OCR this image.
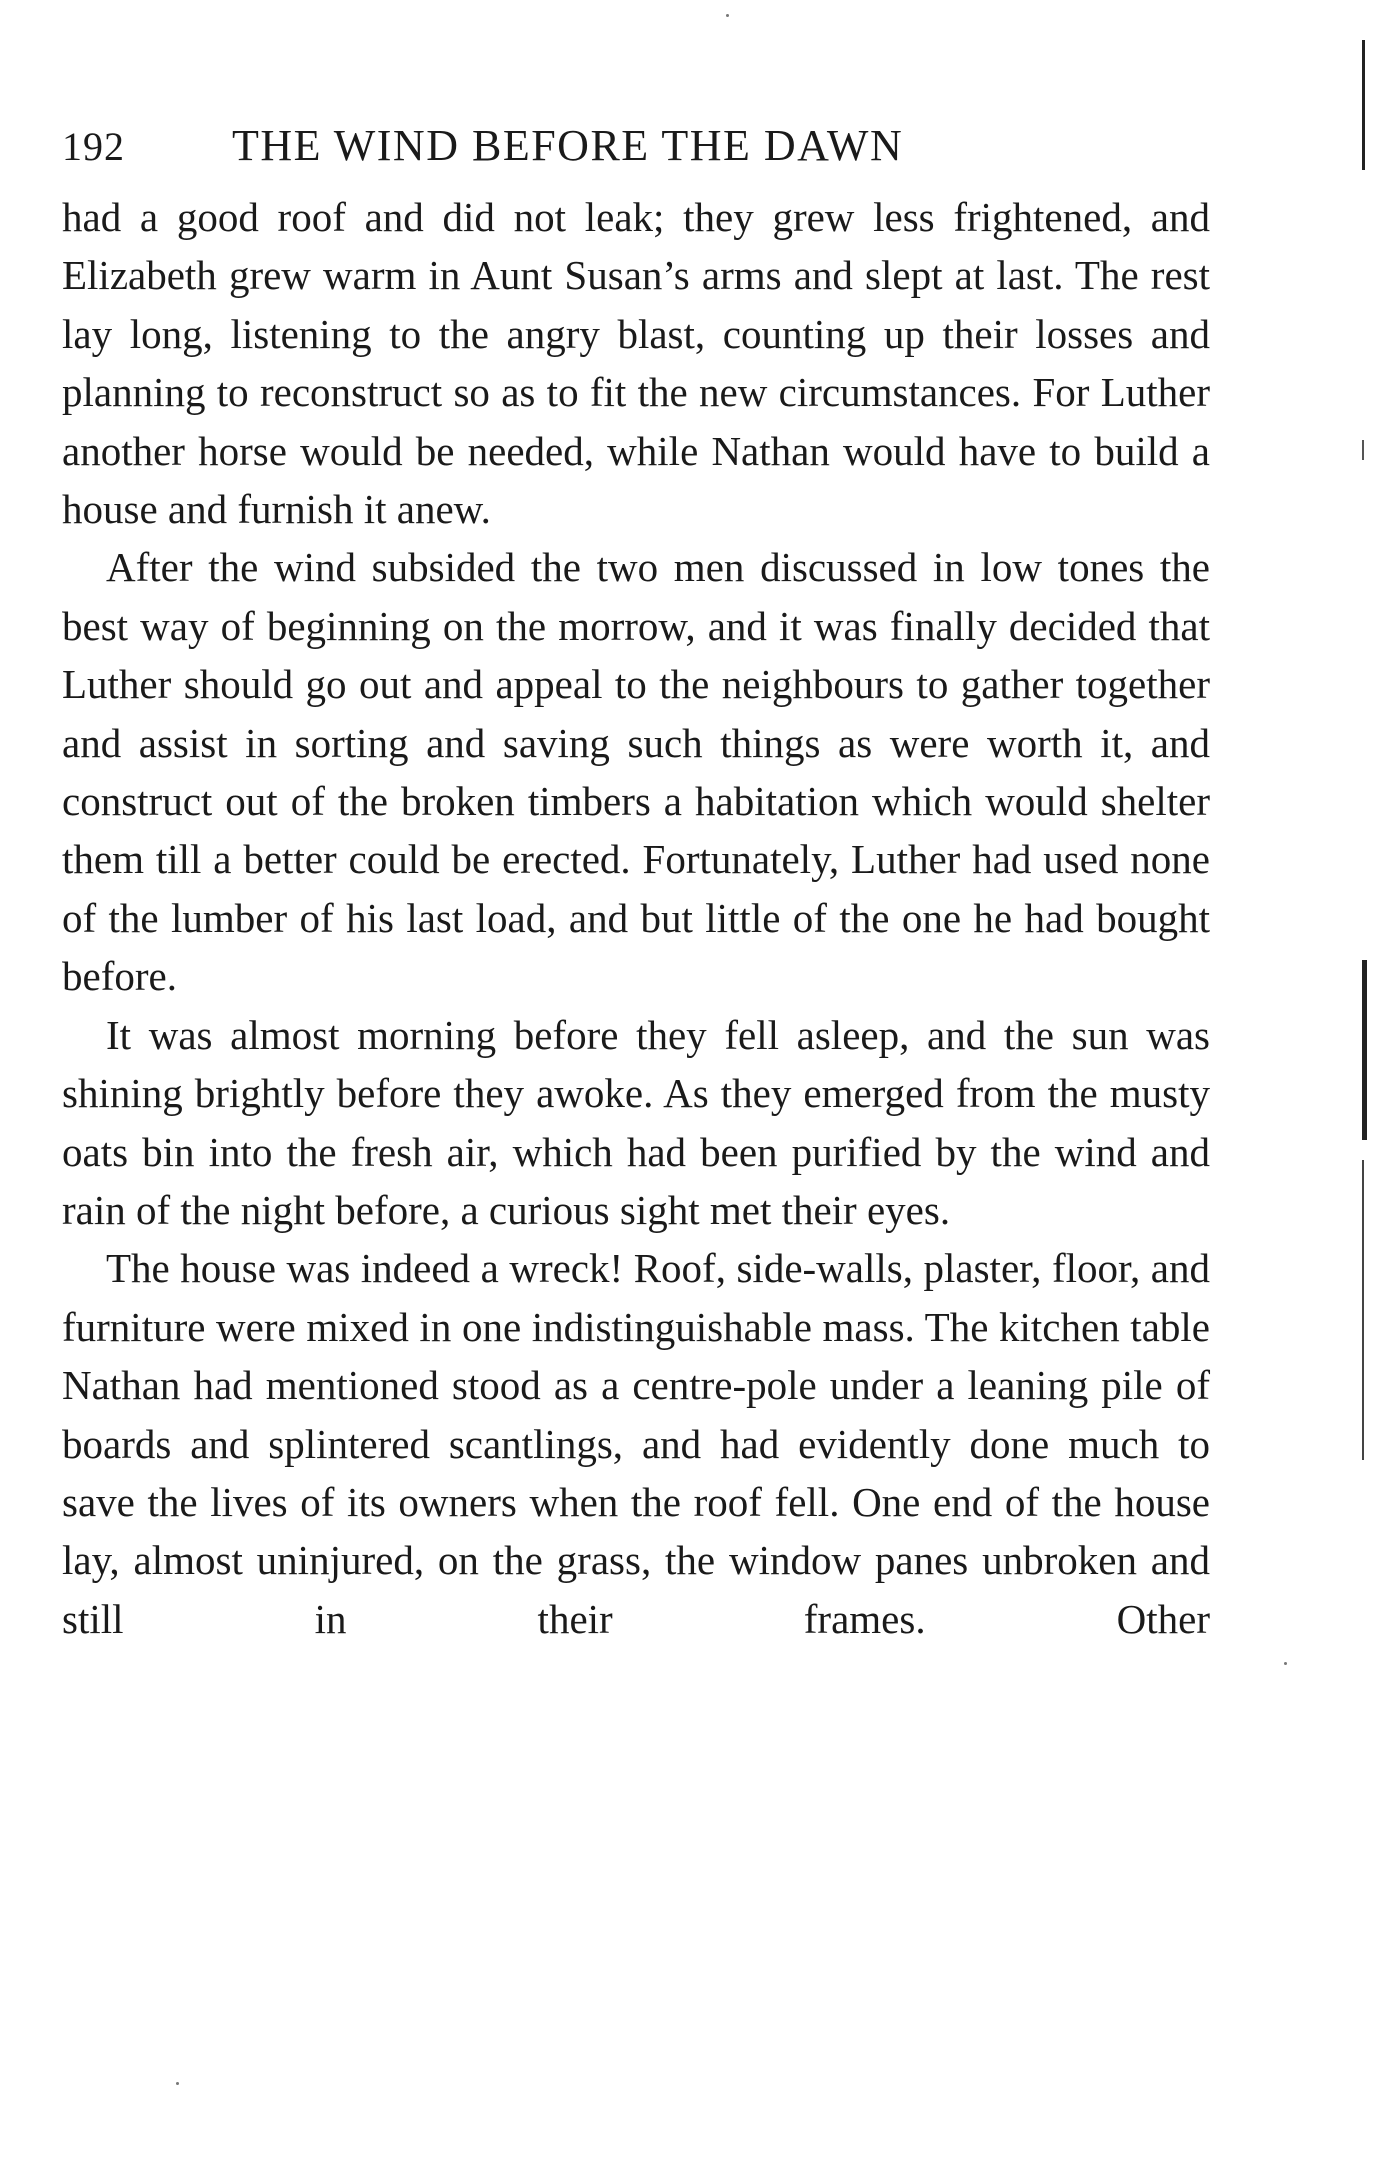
192	THE WIND BEFORE THE DAWN

had a good roof and did not leak; they grew less frightened, and Elizabeth grew warm in Aunt Susan’s arms and slept at last. The rest lay long, listening to the angry blast, counting up their losses and planning to reconstruct so as to fit the new circumstances. For Luther another horse would be needed, while Nathan would have to build a house and furnish it anew.

After the wind subsided the two men discussed in low tones the best way of beginning on the morrow, and it was finally decided that Luther should go out and appeal to the neighbours to gather together and assist in sorting and saving such things as were worth it, and construct out of the broken timbers a habitation which would shelter them till a better could be erected. Fortunately, Luther had used none of the lumber of his last load, and but little of the one he had bought before.

It was almost morning before they fell asleep, and the sun was shining brightly before they awoke. As they emerged from the musty oats bin into the fresh air, which had been purified by the wind and rain of the night before, a curious sight met their eyes.

The house was indeed a wreck! Roof, side-walls, plaster, floor, and furniture were mixed in one indistinguishable mass. The kitchen table Nathan had mentioned stood as a centre-pole under a leaning pile of boards and splintered scantlings, and had evidently done much to save the lives of its owners when the roof fell. One end of the house lay, almost uninjured, on the grass, the window panes unbroken and still in their frames. Other
